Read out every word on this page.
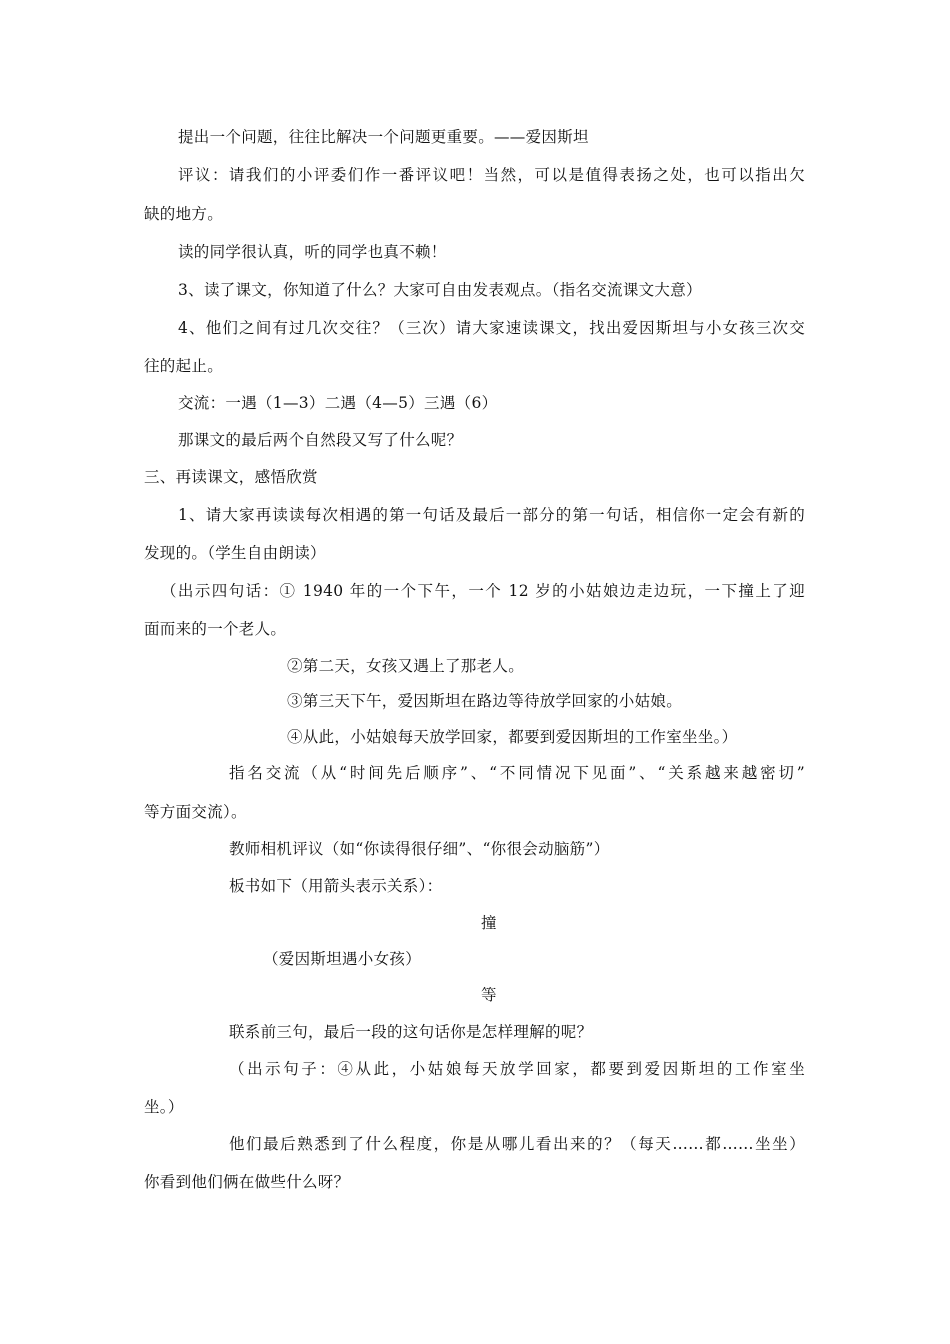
提出一个问题，往往比解决一个问题更重要。——爱因斯坦
评议：请我们的小评委们作一番评议吧！当然，可以是值得表扬之处，也可以指出欠
缺的地方。
读的同学很认真，听的同学也真不赖！
3、读了课文，你知道了什么？大家可自由发表观点。（指名交流课文大意）
4、他们之间有过几次交往？（三次）请大家速读课文，找出爱因斯坦与小女孩三次交
往的起止。
交流：一遇（1—3）二遇（4—5）三遇（6）
那课文的最后两个自然段又写了什么呢？
三、再读课文，感悟欣赏
1、请大家再读读每次相遇的第一句话及最后一部分的第一句话，相信你一定会有新的
发现的。（学生自由朗读）
（出示四句话：① 1940 年的一个下午，一个 12 岁的小姑娘边走边玩，一下撞上了迎
面而来的一个老人。
②第二天，女孩又遇上了那老人。
③第三天下午，爱因斯坦在路边等待放学回家的小姑娘。
④从此，小姑娘每天放学回家，都要到爱因斯坦的工作室坐坐。）
指名交流（从“时间先后顺序”、“不同情况下见面”、“关系越来越密切”
等方面交流）。
教师相机评议（如“你读得很仔细”、“你很会动脑筋”）
板书如下（用箭头表示关系）：
撞
（爱因斯坦遇小女孩）
等
联系前三句，最后一段的这句话你是怎样理解的呢？
（出示句子：④从此，小姑娘每天放学回家，都要到爱因斯坦的工作室坐
坐。）
他们最后熟悉到了什么程度，你是从哪儿看出来的？（每天……都……坐坐）
你看到他们俩在做些什么呀？
